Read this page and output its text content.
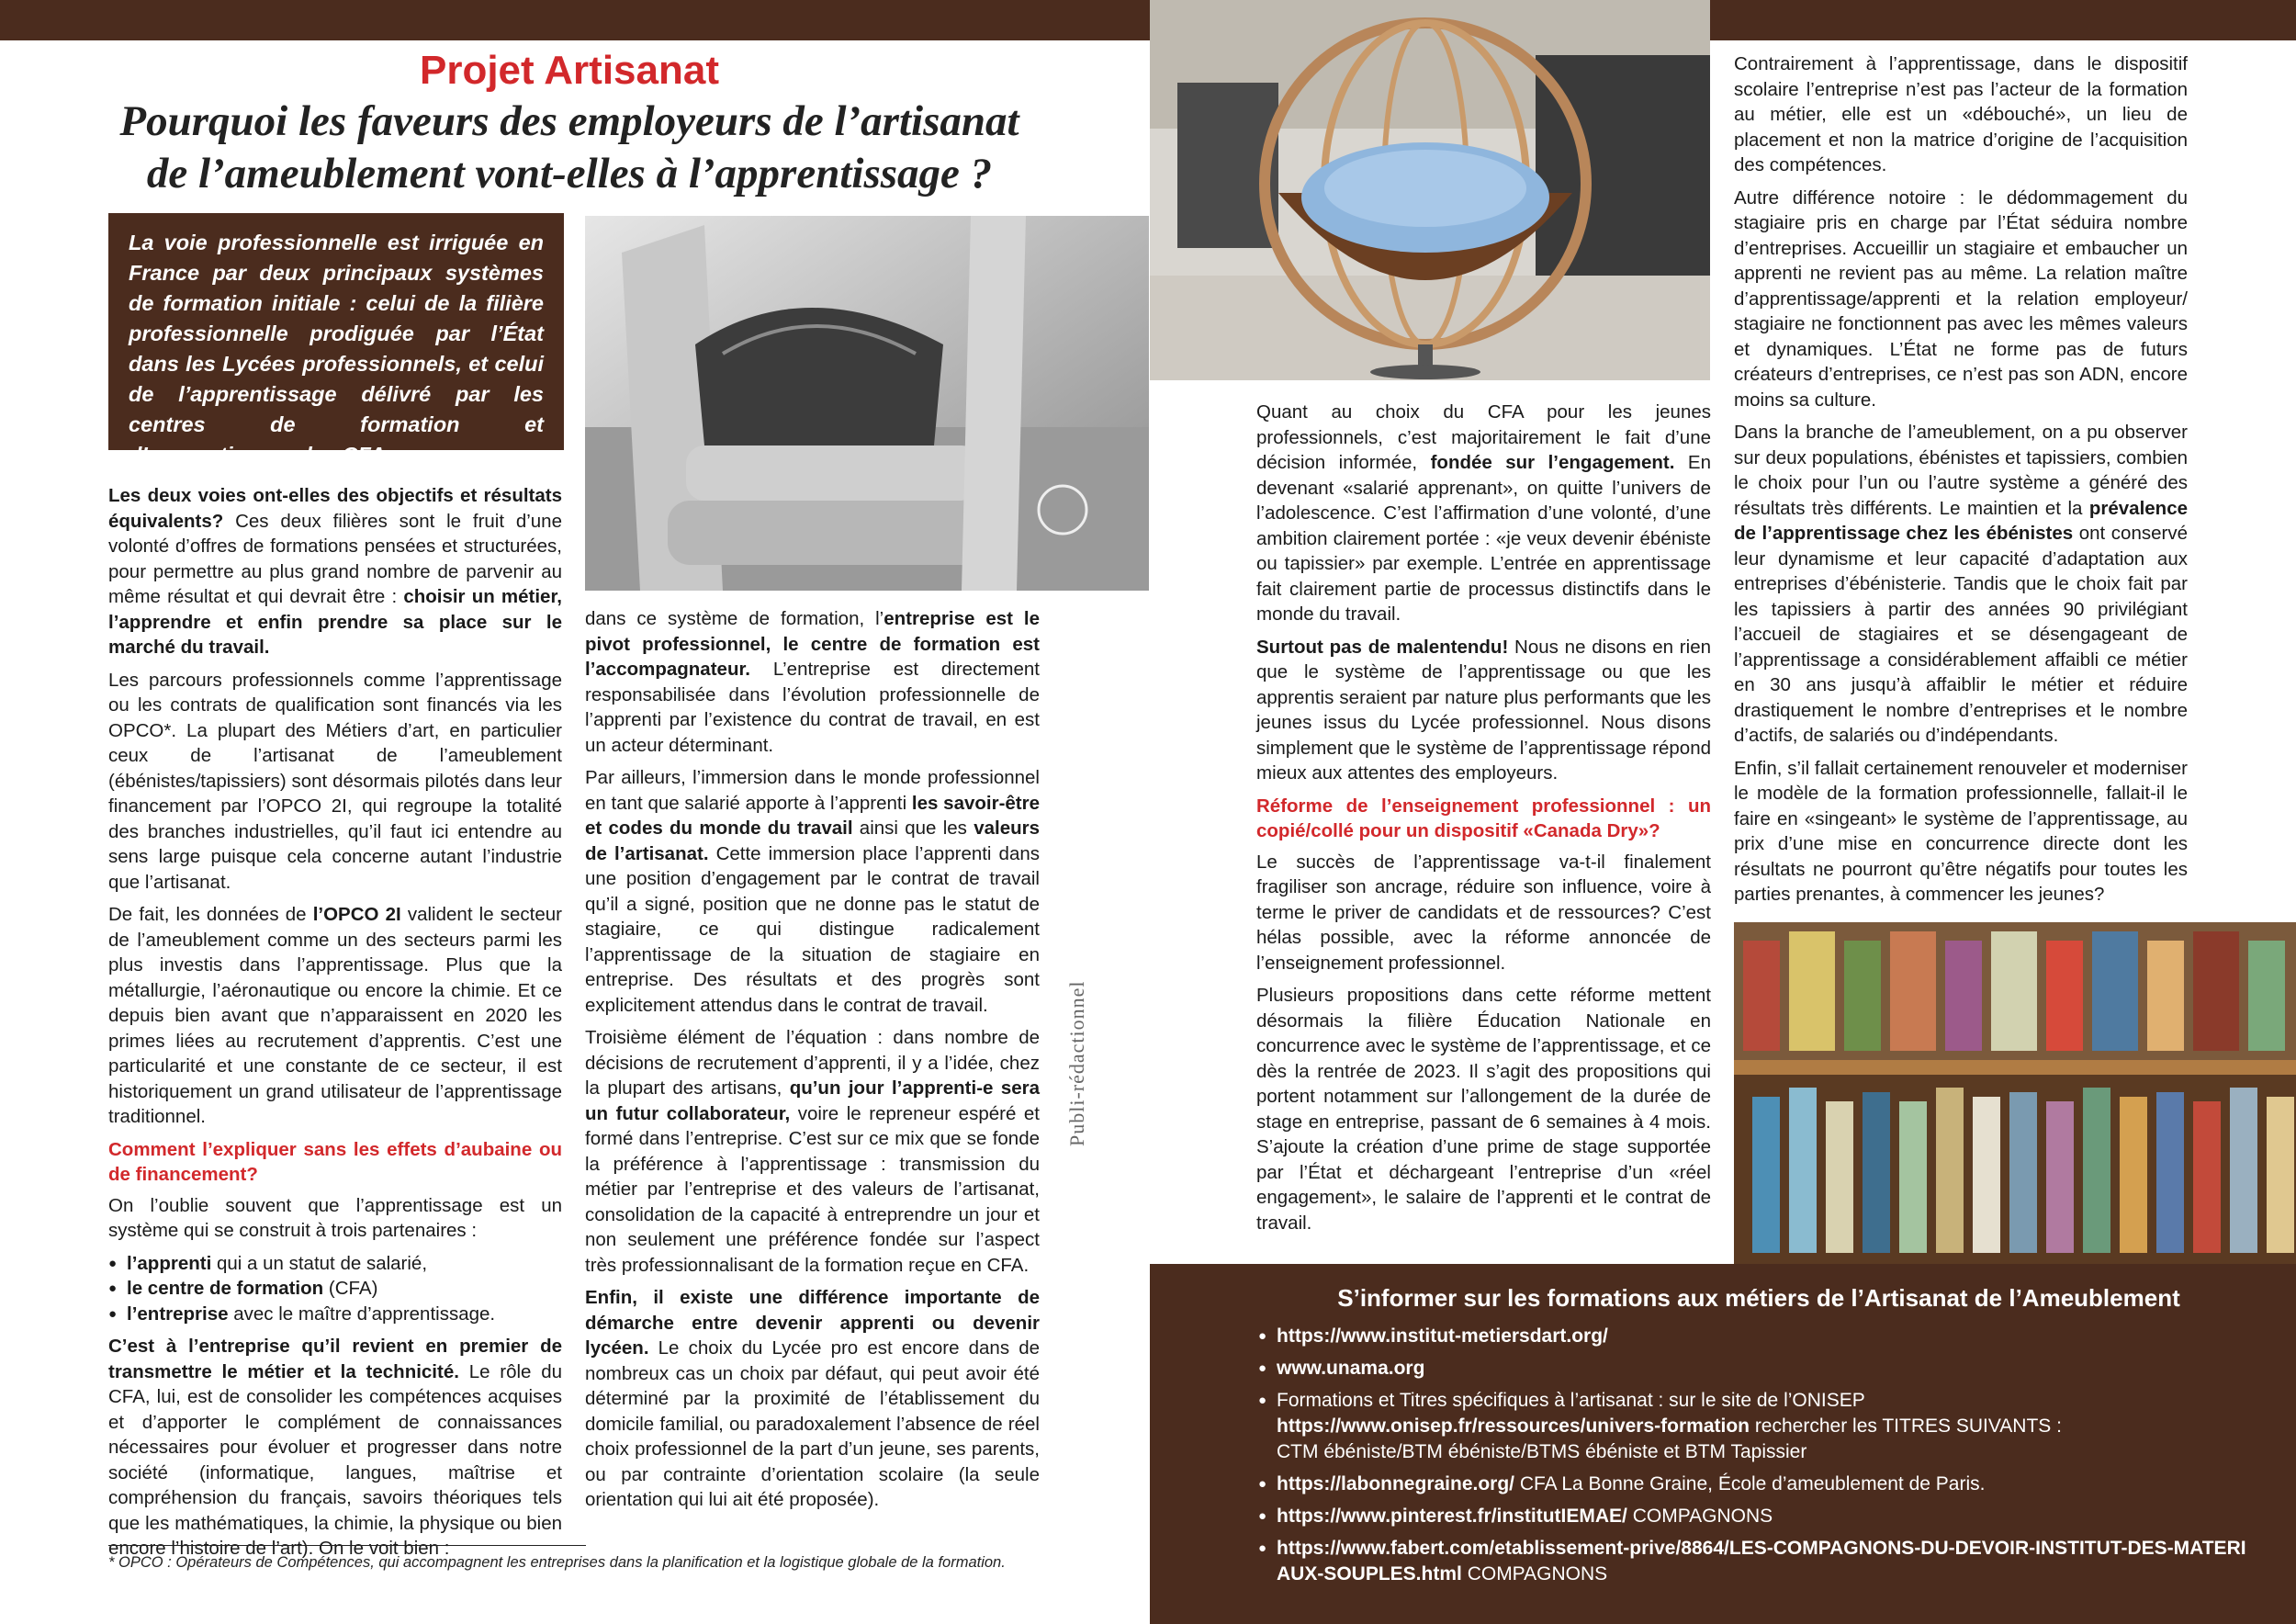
Projet Artisanat
Pourquoi les faveurs des employeurs de l’artisanat
de l’ameublement vont-elles à l’apprentissage ?
La voie professionnelle est irriguée en France par deux principaux systèmes de formation initiale : celui de la filière professionnelle prodiguée par l’État dans les Lycées professionnels, et celui de l’apprentissage délivré par les centres de formation et d’apprentissage, les CFA.

Les deux voies ont-elles des objectifs et résultats équivalents? Ces deux filières sont le fruit d’une volonté d’offres de formations pensées et structurées, pour permettre au plus grand nombre de parvenir au même résultat et qui devrait être : choisir un métier, l’apprendre et enfin prendre sa place sur le marché du travail.

Les parcours professionnels comme l’apprentissage ou les contrats de qualification sont financés via les OPCO*. La plupart des Métiers d’art, en particulier ceux de l’artisanat de l’ameublement (ébénistes/tapissiers) sont désormais pilotés dans leur financement par l’OPCO 2I, qui regroupe la totalité des branches industrielles, qu’il faut ici entendre au sens large puisque cela concerne autant l’industrie que l’artisanat.

De fait, les données de l’OPCO 2I valident le secteur de l’ameublement comme un des secteurs parmi les plus investis dans l’apprentissage. Plus que la métallurgie, l’aéronautique ou encore la chimie. Et ce depuis bien avant que n’apparaissent en 2020 les primes liées au recrutement d’apprentis. C’est une particularité et une constante de ce secteur, il est historiquement un grand utilisateur de l’apprentissage traditionnel.

Comment l’expliquer sans les effets d’aubaine ou de financement?

On l’oublie souvent que l’apprentissage est un système qui se construit à trois partenaires :

● l’apprenti qui a un statut de salarié,
● le centre de formation (CFA)
● l’entreprise avec le maître d’apprentissage.

C’est à l’entreprise qu’il revient en premier de transmettre le métier et la technicité. Le rôle du CFA, lui, est de consolider les compétences acquises et d’apporter le complément de connaissances nécessaires pour évoluer et progresser dans notre société (informatique, langues, maîtrise et compréhension du français, savoirs théoriques tels que les mathématiques, la chimie, la physique ou bien encore l’histoire de l’art). On le voit bien :

dans ce système de formation, l’entreprise est le pivot professionnel, le centre de formation est l’accompagnateur. L’entreprise est directement responsabilisée dans l’évolution professionnelle de l’apprenti par l’existence du contrat de travail, en est un acteur déterminant.

Par ailleurs, l’immersion dans le monde professionnel en tant que salarié apporte à l’apprenti les savoir-être et codes du monde du travail ainsi que les valeurs de l’artisanat. Cette immersion place l’apprenti dans une position d’engagement par le contrat de travail qu’il a signé, position que ne donne pas le statut de stagiaire, ce qui distingue radicalement l’apprentissage de la situation de stagiaire en entreprise. Des résultats et des progrès sont explicitement attendus dans le contrat de travail.

Troisième élément de l’équation : dans nombre de décisions de recrutement d’apprenti, il y a l’idée, chez la plupart des artisans, qu’un jour l’apprenti-e sera un futur collaborateur, voire le repreneur espéré et formé dans l’entreprise. C’est sur ce mix que se fonde la préférence à l’apprentissage : transmission du métier par l’entreprise et des valeurs de l’artisanat, consolidation de la capacité à entreprendre un jour et non seulement une préférence fondée sur l’aspect très professionnalisant de la formation reçue en CFA.

Enfin, il existe une différence importante de démarche entre devenir apprenti ou devenir lycéen. Le choix du Lycée pro est encore dans de nombreux cas un choix par défaut, qui peut avoir été déterminé par la proximité de l’établissement du domicile familial, ou paradoxalement l’absence de réel choix professionnel de la part d’un jeune, ses parents, ou par contrainte d’orientation scolaire (la seule orientation qui lui ait été proposée).

Publi-rédactionnel

Quant au choix du CFA pour les jeunes professionnels, c’est majoritairement le fait d’une décision informée, fondée sur l’engagement. En devenant «salarié apprenant», on quitte l’univers de l’adolescence. C’est l’affirmation d’une volonté, d’une ambition clairement portée : «je veux devenir ébéniste ou tapissier» par exemple. L’entrée en apprentissage fait clairement partie de processus distinctifs dans le monde du travail.

Surtout pas de malentendu! Nous ne disons en rien que le système de l’apprentissage ou que les apprentis seraient par nature plus performants que les jeunes issus du Lycée professionnel. Nous disons simplement que le système de l’apprentissage répond mieux aux attentes des employeurs.

Réforme de l’enseignement professionnel : un copié/collé pour un dispositif «Canada Dry»?

Le succès de l’apprentissage va-t-il finalement fragiliser son ancrage, réduire son influence, voire à terme le priver de candidats et de ressources? C’est hélas possible, avec la réforme annoncée de l’enseignement professionnel.

Plusieurs propositions dans cette réforme mettent désormais la filière Éducation Nationale en concurrence avec le système de l’apprentissage, et ce dès la rentrée de 2023. Il s’agit des propositions qui portent notamment sur l’allongement de la durée de stage en entreprise, passant de 6 semaines à 4 mois. S’ajoute la création d’une prime de stage supportée par l’État et déchargeant l’entreprise d’un «réel engagement», le salaire de l’apprenti et le contrat de travail.

Contrairement à l’apprentissage, dans le dispositif scolaire l’entreprise n’est pas l’acteur de la formation au métier, elle est un «débouché», un lieu de placement et non la matrice d’origine de l’acquisition des compétences.

Autre différence notoire : le dédommagement du stagiaire pris en charge par l’État séduira nombre d’entreprises. Accueillir un stagiaire et embaucher un apprenti ne revient pas au même. La relation maître d’apprentissage/apprenti et la relation employeur/ stagiaire ne fonctionnent pas avec les mêmes valeurs et dynamiques. L’État ne forme pas de futurs créateurs d’entreprises, ce n’est pas son ADN, encore moins sa culture.

Dans la branche de l’ameublement, on a pu observer sur deux populations, ébénistes et tapissiers, combien le choix pour l’un ou l’autre système a généré des résultats très différents. Le maintien et la prévalence de l’apprentissage chez les ébénistes ont conservé leur dynamisme et leur capacité d’adaptation aux entreprises d’ébénisterie. Tandis que le choix fait par les tapissiers à partir des années 90 privilégiant l’accueil de stagiaires et se désengageant de l’apprentissage a considérablement affaibli ce métier en 30 ans jusqu’à affaiblir le métier et réduire drastiquement le nombre d’entreprises et le nombre d’actifs, de salariés ou d’indépendants.

Enfin, s’il fallait certainement renouveler et moderniser le modèle de la formation professionnelle, fallait-il le faire en «singeant» le système de l’apprentissage, au prix d’une mise en concurrence directe dont les résultats ne pourront qu’être négatifs pour toutes les parties prenantes, à commencer les jeunes?

* OPCO : Opérateurs de Compétences, qui accompagnent les entreprises dans la planification et la logistique globale de la formation.
S’informer sur les formations aux métiers de l’Artisanat de l’Ameublement
● https://www.institut-metiersdart.org/
● www.unama.org
● Formations et Titres spécifiques à l’artisanat : sur le site de l’ONISEP
https://www.onisep.fr/ressources/univers-formation rechercher les TITRES SUIVANTS :
CTM ébéniste/BTM ébéniste/BTMS ébéniste et BTM Tapissier
● https://labonnegraine.org/ CFA La Bonne Graine, École d’ameublement de Paris.
● https://www.pinterest.fr/institutIEMAE/ COMPAGNONS
● https://www.fabert.com/etablissement-prive/8864/LES-COMPAGNONS-DU-DEVOIR-INSTITUT-DES-MATERIAUX-SOUPLES.html COMPAGNONS
